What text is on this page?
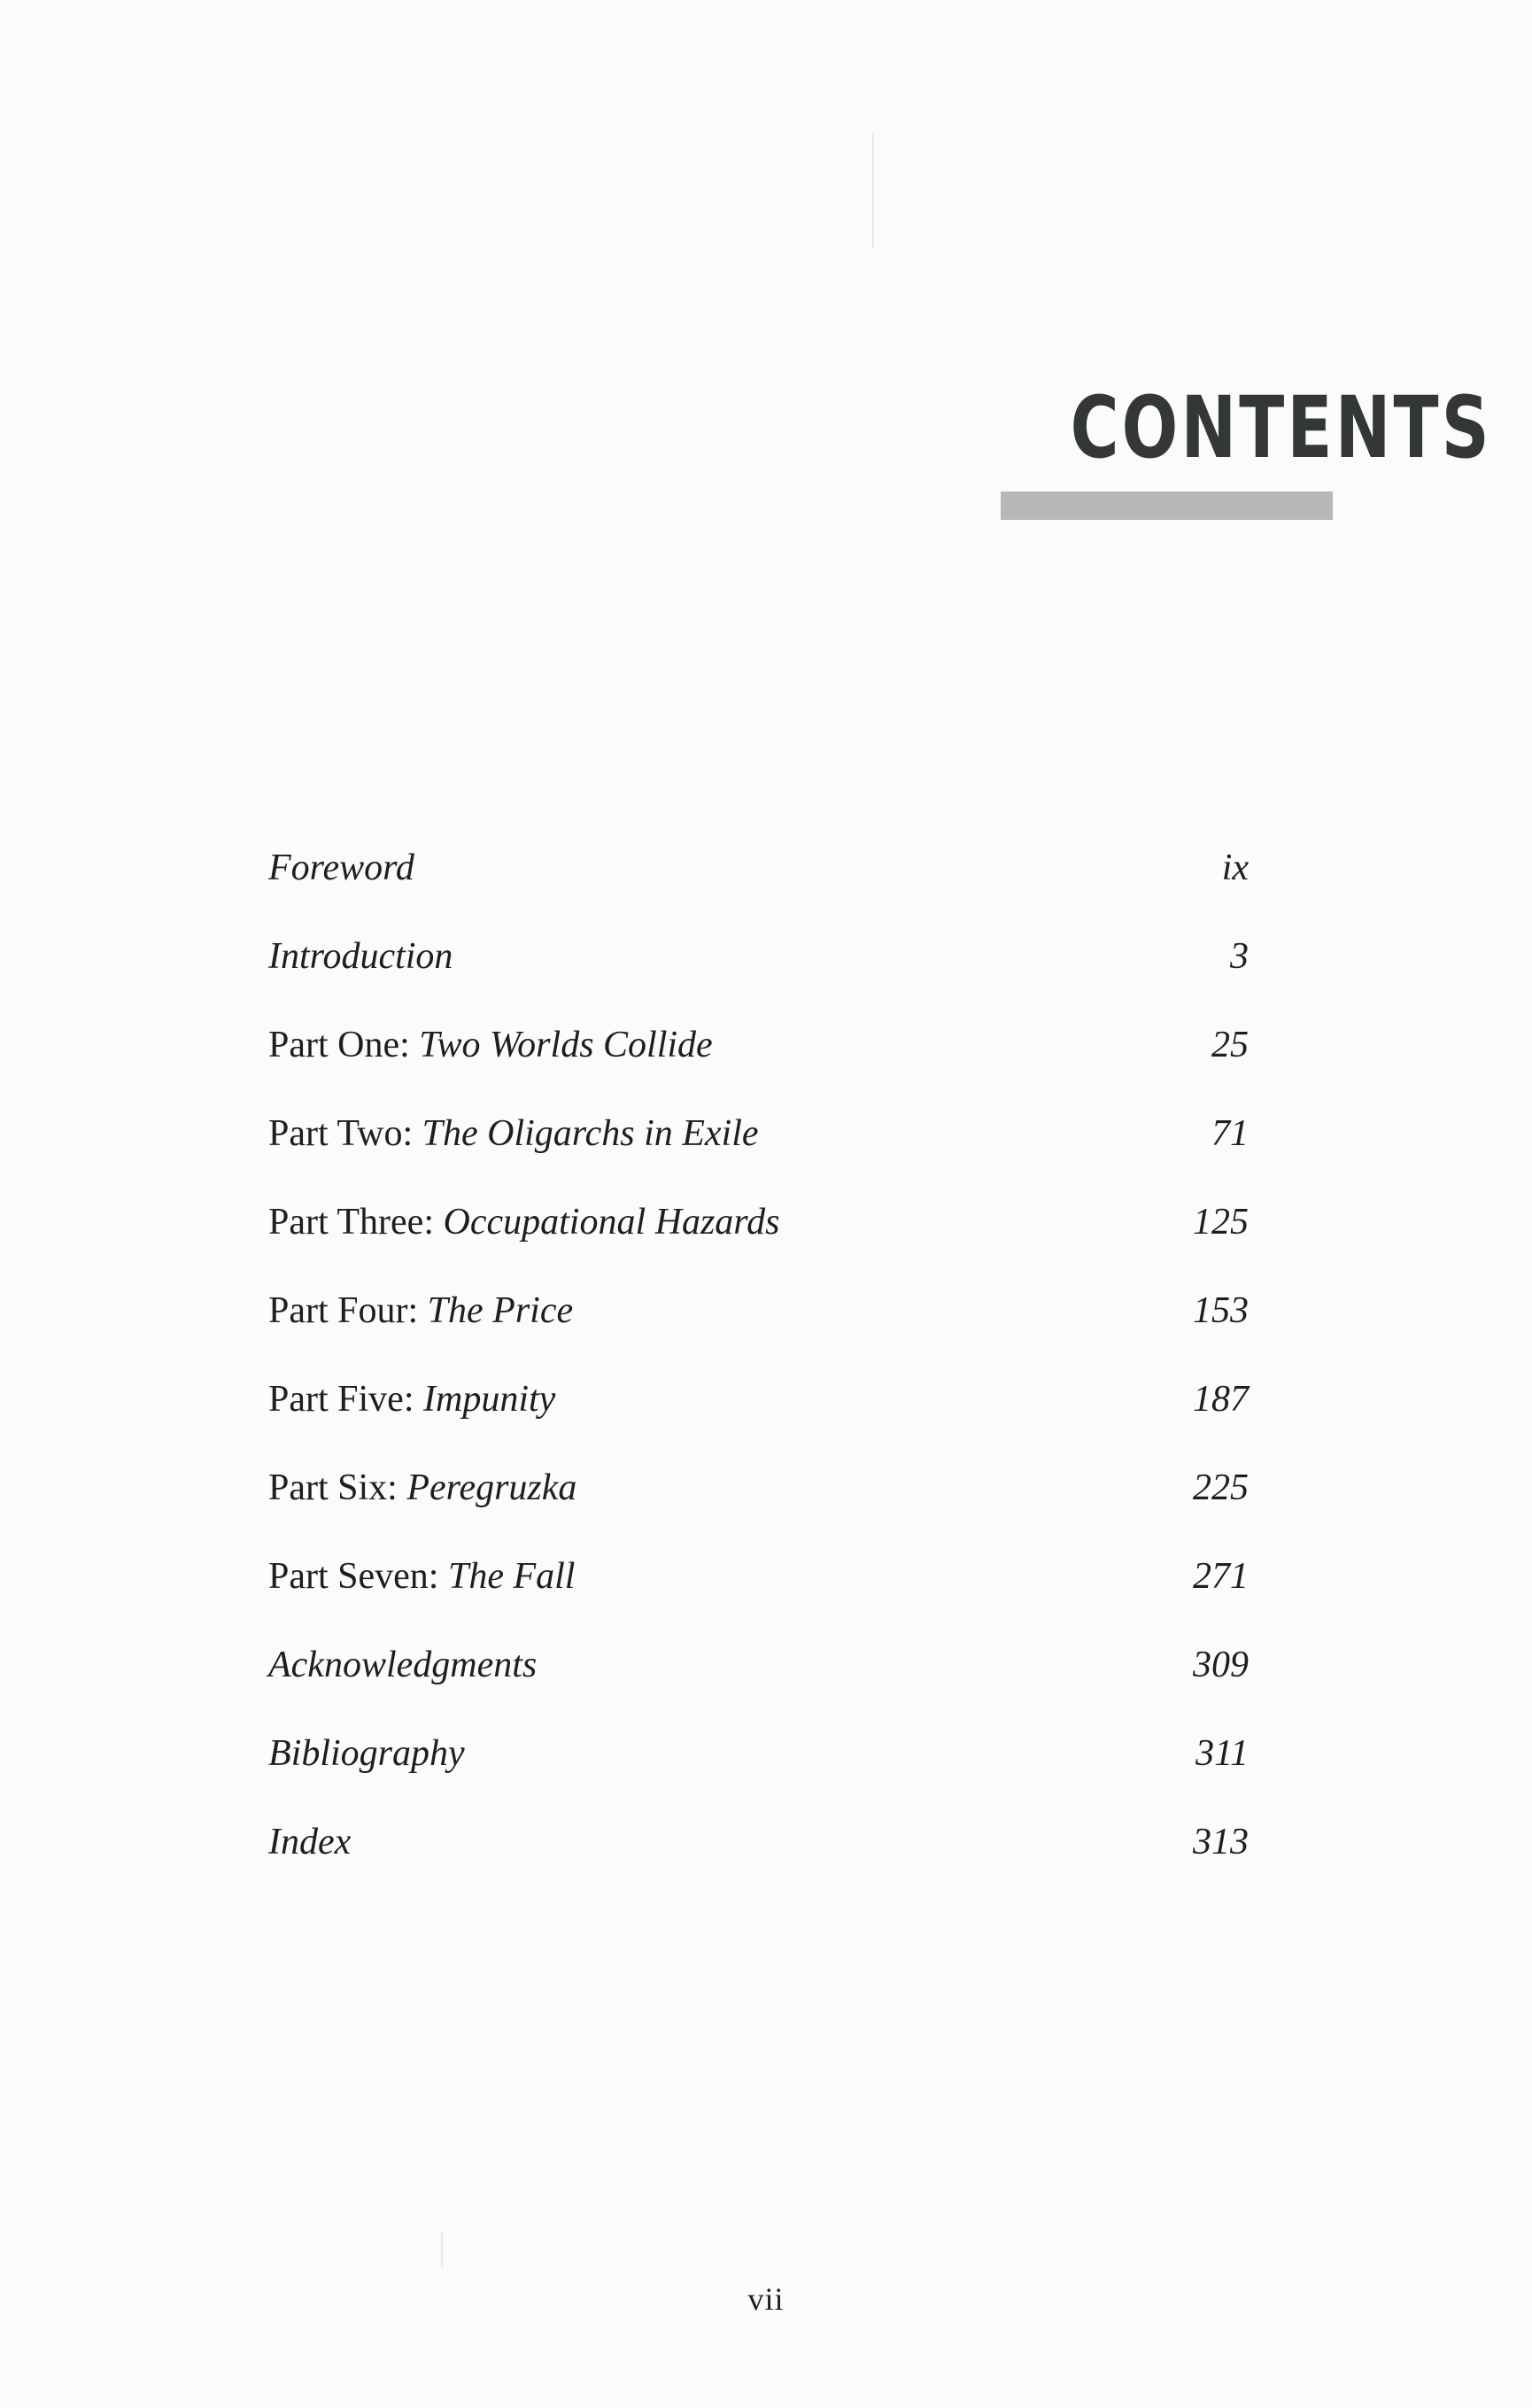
CONTENTS
Foreword	ix
Introduction	3
Part One: Two Worlds Collide	25
Part Two: The Oligarchs in Exile	71
Part Three: Occupational Hazards	125
Part Four: The Price	153
Part Five: Impunity	187
Part Six: Peregruzka	225
Part Seven: The Fall	271
Acknowledgments	309
Bibliography	311
Index	313
vii
